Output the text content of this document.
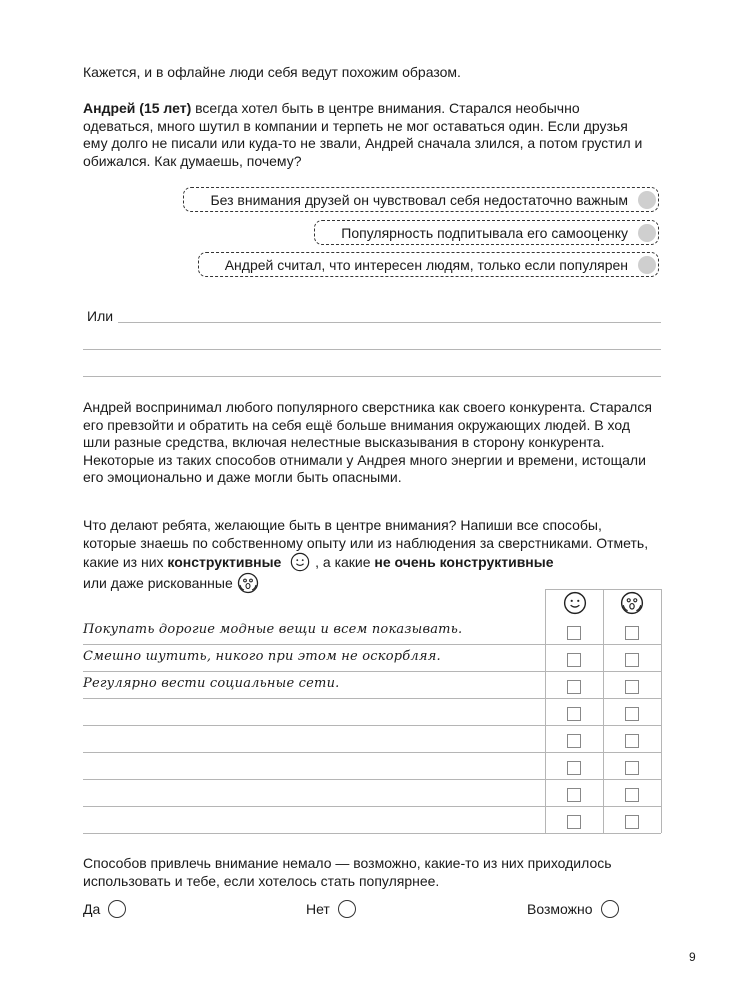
Кажется, и в офлайне люди себя ведут похожим образом.

Андрей (15 лет) всегда хотел быть в центре внимания. Старался необычно одеваться, много шутил в компании и терпеть не мог оставаться один. Если друзья ему долго не писали или куда-то не звали, Андрей сначала злился, а потом грустил и обижался. Как думаешь, почему?

Без внимания друзей он чувствовал себя недостаточно важным
Популярность подпитывала его самооценку
Андрей считал, что интересен людям, только если популярен
Или

Андрей воспринимал любого популярного сверстника как своего конкурента. Старался его превзойти и обратить на себя ещё больше внимания окружающих людей. В ход шли разные средства, включая нелестные высказывания в сторону конкурента. Некоторые из таких способов отнимали у Андрея много энергии и времени, истощали его эмоционально и даже могли быть опасными.

Что делают ребята, желающие быть в центре внимания? Напиши все способы, которые знаешь по собственному опыту или из наблюдения за сверстниками. Отметь, какие из них конструктивные  , а какие не очень конструктивные
или даже рискованные

Покупать дорогие модные вещи и всем показывать.
Смешно шутить, никого при этом не оскорбляя.
Регулярно вести социальные сети.

Способов привлечь внимание немало — возможно, какие-то из них приходилось использовать и тебе, если хотелось стать популярнее.

Да	Нет	Возможно
9
